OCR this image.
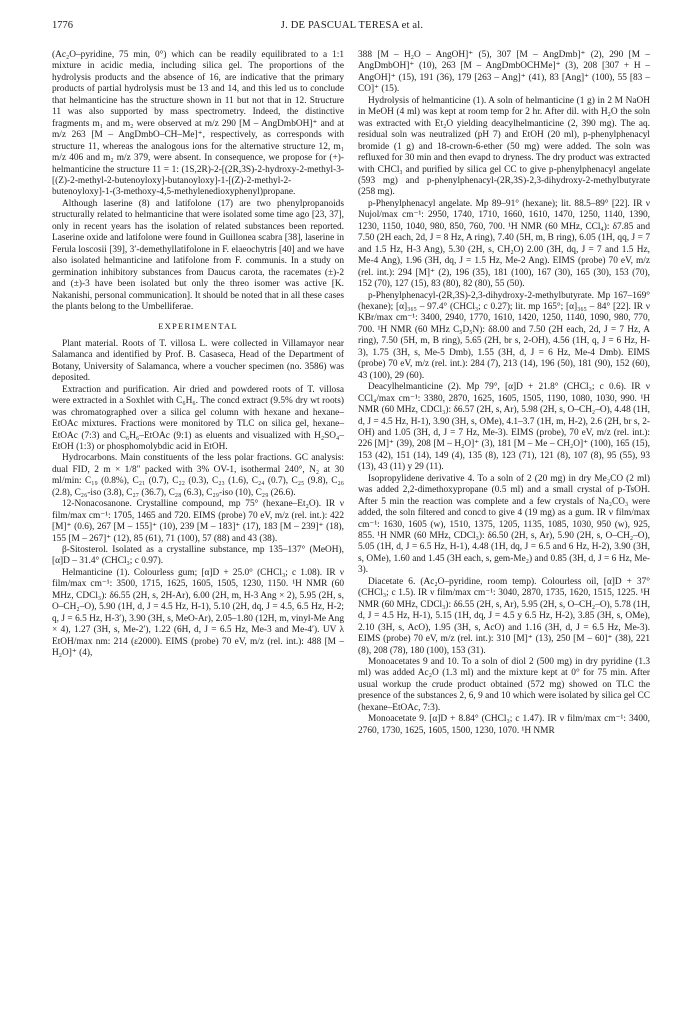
1776	J. DE PASCUAL TERESA et al.

(Ac₂O–pyridine, 75 min, 0°) which can be readily equilibrated to a 1:1 mixture in acidic media, including silica gel. The proportions of the hydrolysis products and the absence of 16, are indicative that the primary products of partial hydrolysis must be 13 and 14, and this led us to conclude that helmanticine has the structure shown in 11 but not that in 12. Structure 11 was also supported by mass spectrometry. Indeed, the distinctive fragments m₁ and m₂ were observed at m/z 290 [M – AngDmbOH]⁺ and at m/z 263 [M – AngDmbO–CH–Me]⁺, respectively, as corresponds with structure 11, whereas the analogous ions for the alternative structure 12, m₁ m/z 406 and m₂ m/z 379, were absent. In consequence, we propose for (+)-helmanticine the structure 11 = 1: (1S,2R)-2-[(2R,3S)-2-hydroxy-2-methyl-3-[(Z)-2-methyl-2-butenoyloxy]-butanoyloxy]-1-[(Z)-2-methyl-2-butenoyloxy]-1-(3-methoxy-4,5-methylenedioxyphenyl)propane.

Although laserine (8) and latifolone (17) are two phenylpropanoids structurally related to helmanticine that were isolated some time ago [23, 37], only in recent years has the isolation of related substances been reported. Laserine oxide and latifolone were found in Guillonea scabra [38], laserine in Ferula loscosii [39], 3′-demethyllatifolone in F. elaeochytris [40] and we have also isolated helmanticine and latifolone from F. communis. In a study on germination inhibitory substances from Daucus carota, the racemates (±)-2 and (±)-3 have been isolated but only the threo isomer was active [K. Nakanishi, personal communication]. It should be noted that in all these cases the plants belong to the Umbelliferae.

EXPERIMENTAL

Plant material. Roots of T. villosa L. were collected in Villamayor near Salamanca and identified by Prof. B. Casaseca, Head of the Department of Botany, University of Salamanca, where a voucher specimen (no. 3586) was deposited.

Extraction and purification. Air dried and powdered roots of T. villosa were extracted in a Soxhlet with C₆H₆. The concd extract (9.5% dry wt roots) was chromatographed over a silica gel column with hexane and hexane–EtOAc mixtures. Fractions were monitored by TLC on silica gel, hexane–EtOAc (7:3) and C₆H₆–EtOAc (9:1) as eluents and visualized with H₂SO₄–EtOH (1:3) or phosphomolybdic acid in EtOH.

Hydrocarbons. Main constituents of the less polar fractions. GC analysis: dual FID, 2 m × 1/8″ packed with 3% OV-1, isothermal 240°, N₂ at 30 ml/min: C₁₉ (0.8%), C₂₁ (0.7), C₂₂ (0.3), C₂₃ (1.6), C₂₄ (0.7), C₂₅ (9.8), C₂₆ (2.8), C₂₆-iso (3.8), C₂₇ (36.7), C₂₈ (6.3), C₂₉-iso (10), C₂₉ (26.6).

12-Nonacosanone. Crystalline compound, mp 75° (hexane–Et₂O). IR ν film/max cm⁻¹: 1705, 1465 and 720. EIMS (probe) 70 eV, m/z (rel. int.): 422 [M]⁺ (0.6), 267 [M – 155]⁺ (10), 239 [M – 183]⁺ (17), 183 [M – 239]⁺ (18), 155 [M – 267]⁺ (12), 85 (61), 71 (100), 57 (88) and 43 (38).

β-Sitosterol. Isolated as a crystalline substance, mp 135–137° (MeOH), [α]D – 31.4° (CHCl₃; c 0.97).

Helmanticine (1). Colourless gum; [α]D + 25.0° (CHCl₃; c 1.08). IR ν film/max cm⁻¹: 3500, 1715, 1625, 1605, 1505, 1230, 1150. ¹H NMR (60 MHz, CDCl₃): δ6.55 (2H, s, 2H-Ar), 6.00 (2H, m, H-3 Ang × 2), 5.95 (2H, s, O–CH₂–O), 5.90 (1H, d, J = 4.5 Hz, H-1), 5.10 (2H, dq, J = 4.5, 6.5 Hz, H-2; q, J = 6.5 Hz, H-3′), 3.90 (3H, s, MeO-Ar), 2.05–1.80 (12H, m, vinyl-Me Ang × 4), 1.27 (3H, s, Me-2′), 1.22 (6H, d, J = 6.5 Hz, Me-3 and Me-4′). UV λ EtOH/max nm: 214 (ε2000). EIMS (probe) 70 eV, m/z (rel. int.): 488 [M – H₂O]⁺ (4),

388 [M – H₂O – AngOH]⁺ (5), 307 [M – AngDmb]⁺ (2), 290 [M – AngDmbOH]⁺ (10), 263 [M – AngDmbOCHMe]⁺ (3), 208 [307 + H – AngOH]⁺ (15), 191 (36), 179 [263 – Ang]⁺ (41), 83 [Ang]⁺ (100), 55 [83 – CO]⁺ (15).

Hydrolysis of helmanticine (1). A soln of helmanticine (1 g) in 2 M NaOH in MeOH (4 ml) was kept at room temp for 2 hr. After dil. with H₂O the soln was extracted with Et₂O yielding deacylhelmanticine (2, 390 mg). The aq. residual soln was neutralized (pH 7) and EtOH (20 ml), p-phenylphenacyl bromide (1 g) and 18-crown-6-ether (50 mg) were added. The soln was refluxed for 30 min and then evapd to dryness. The dry product was extracted with CHCl₃ and purified by silica gel CC to give p-phenylphenacyl angelate (593 mg) and p-phenylphenacyl-(2R,3S)-2,3-dihydroxy-2-methylbutyrate (258 mg).

p-Phenylphenacyl angelate. Mp 89–91° (hexane); lit. 88.5–89° [22]. IR ν Nujol/max cm⁻¹: 2950, 1740, 1710, 1660, 1610, 1470, 1250, 1140, 1390, 1230, 1150, 1040, 980, 850, 760, 700. ¹H NMR (60 MHz, CCl₄): δ7.85 and 7.50 (2H each, 2d, J = 8 Hz, A ring), 7.40 (5H, m, B ring), 6.05 (1H, qq, J = 7 and 1.5 Hz, H-3 Ang), 5.30 (2H, s, CH₂O) 2.00 (3H, dq, J = 7 and 1.5 Hz, Me-4 Ang), 1.96 (3H, dq, J = 1.5 Hz, Me-2 Ang). EIMS (probe) 70 eV, m/z (rel. int.): 294 [M]⁺ (2), 196 (35), 181 (100), 167 (30), 165 (30), 153 (70), 152 (70), 127 (15), 83 (80), 82 (80), 55 (50).

p-Phenylphenacyl-(2R,3S)-2,3-dihydroxy-2-methylbutyrate. Mp 167–169° (hexane); [α]₃₆₅ – 97.4° (CHCl₃; c 0.27); lit. mp 165°; [α]₃₆₅ – 84° [22]. IR ν KBr/max cm⁻¹: 3400, 2940, 1770, 1610, 1420, 1250, 1140, 1090, 980, 770, 700. ¹H NMR (60 MHz C₅D₅N): δ8.00 and 7.50 (2H each, 2d, J = 7 Hz, A ring), 7.50 (5H, m, B ring), 5.65 (2H, br s, 2-OH), 4.56 (1H, q, J = 6 Hz, H-3), 1.75 (3H, s, Me-5 Dmb), 1.55 (3H, d, J = 6 Hz, Me-4 Dmb). EIMS (probe) 70 eV, m/z (rel. int.): 284 (7), 213 (14), 196 (50), 181 (90), 152 (60), 43 (100), 29 (60).

Deacylhelmanticine (2). Mp 79°, [α]D + 21.8° (CHCl₃; c 0.6). IR ν CCl₄/max cm⁻¹: 3380, 2870, 1625, 1605, 1505, 1190, 1080, 1030, 990. ¹H NMR (60 MHz, CDCl₃): δ6.57 (2H, s, Ar), 5.98 (2H, s, O–CH₂–O), 4.48 (1H, d, J = 4.5 Hz, H-1), 3.90 (3H, s, OMe), 4.1–3.7 (1H, m, H-2), 2.6 (2H, br s, 2-OH) and 1.05 (3H, d, J = 7 Hz, Me-3). EIMS (probe), 70 eV, m/z (rel. int.): 226 [M]⁺ (39), 208 [M – H₂O]⁺ (3), 181 [M – Me – CH₂O]⁺ (100), 165 (15), 153 (42), 151 (14), 149 (4), 135 (8), 123 (71), 121 (8), 107 (8), 95 (55), 93 (13), 43 (11) y 29 (11).

Isopropylidene derivative 4. To a soln of 2 (20 mg) in dry Me₂CO (2 ml) was added 2,2-dimethoxypropane (0.5 ml) and a small crystal of p-TsOH. After 5 min the reaction was complete and a few crystals of Na₂CO₃ were added, the soln filtered and concd to give 4 (19 mg) as a gum. IR ν film/max cm⁻¹: 1630, 1605 (w), 1510, 1375, 1205, 1135, 1085, 1030, 950 (w), 925, 855. ¹H NMR (60 MHz, CDCl₃): δ6.50 (2H, s, Ar), 5.90 (2H, s, O–CH₂–O), 5.05 (1H, d, J = 6.5 Hz, H-1), 4.48 (1H, dq, J = 6.5 and 6 Hz, H-2), 3.90 (3H, s, OMe), 1.60 and 1.45 (3H each, s, gem-Me₂) and 0.85 (3H, d, J = 6 Hz, Me-3).

Diacetate 6. (Ac₂O–pyridine, room temp). Colourless oil, [α]D + 37° (CHCl₃; c 1.5). IR ν film/max cm⁻¹: 3040, 2870, 1735, 1620, 1515, 1225. ¹H NMR (60 MHz, CDCl₃): δ6.55 (2H, s, Ar), 5.95 (2H, s, O–CH₂–O), 5.78 (1H, d, J = 4.5 Hz, H-1), 5.15 (1H, dq, J = 4.5 y 6.5 Hz, H-2), 3.85 (3H, s, OMe), 2.10 (3H, s, AcO), 1.95 (3H, s, AcO) and 1.16 (3H, d, J = 6.5 Hz, Me-3). EIMS (probe) 70 eV, m/z (rel. int.): 310 [M]⁺ (13), 250 [M – 60]⁺ (38), 221 (8), 208 (78), 180 (100), 153 (31).

Monoacetates 9 and 10. To a soln of diol 2 (500 mg) in dry pyridine (1.3 ml) was added Ac₂O (1.3 ml) and the mixture kept at 0° for 75 min. After usual workup the crude product obtained (572 mg) showed on TLC the presence of the substances 2, 6, 9 and 10 which were isolated by silica gel CC (hexane–EtOAc, 7:3).

Monoacetate 9. [α]D + 8.84° (CHCl₃; c 1.47). IR ν film/max cm⁻¹: 3400, 2760, 1730, 1625, 1605, 1500, 1230, 1070. ¹H NMR
